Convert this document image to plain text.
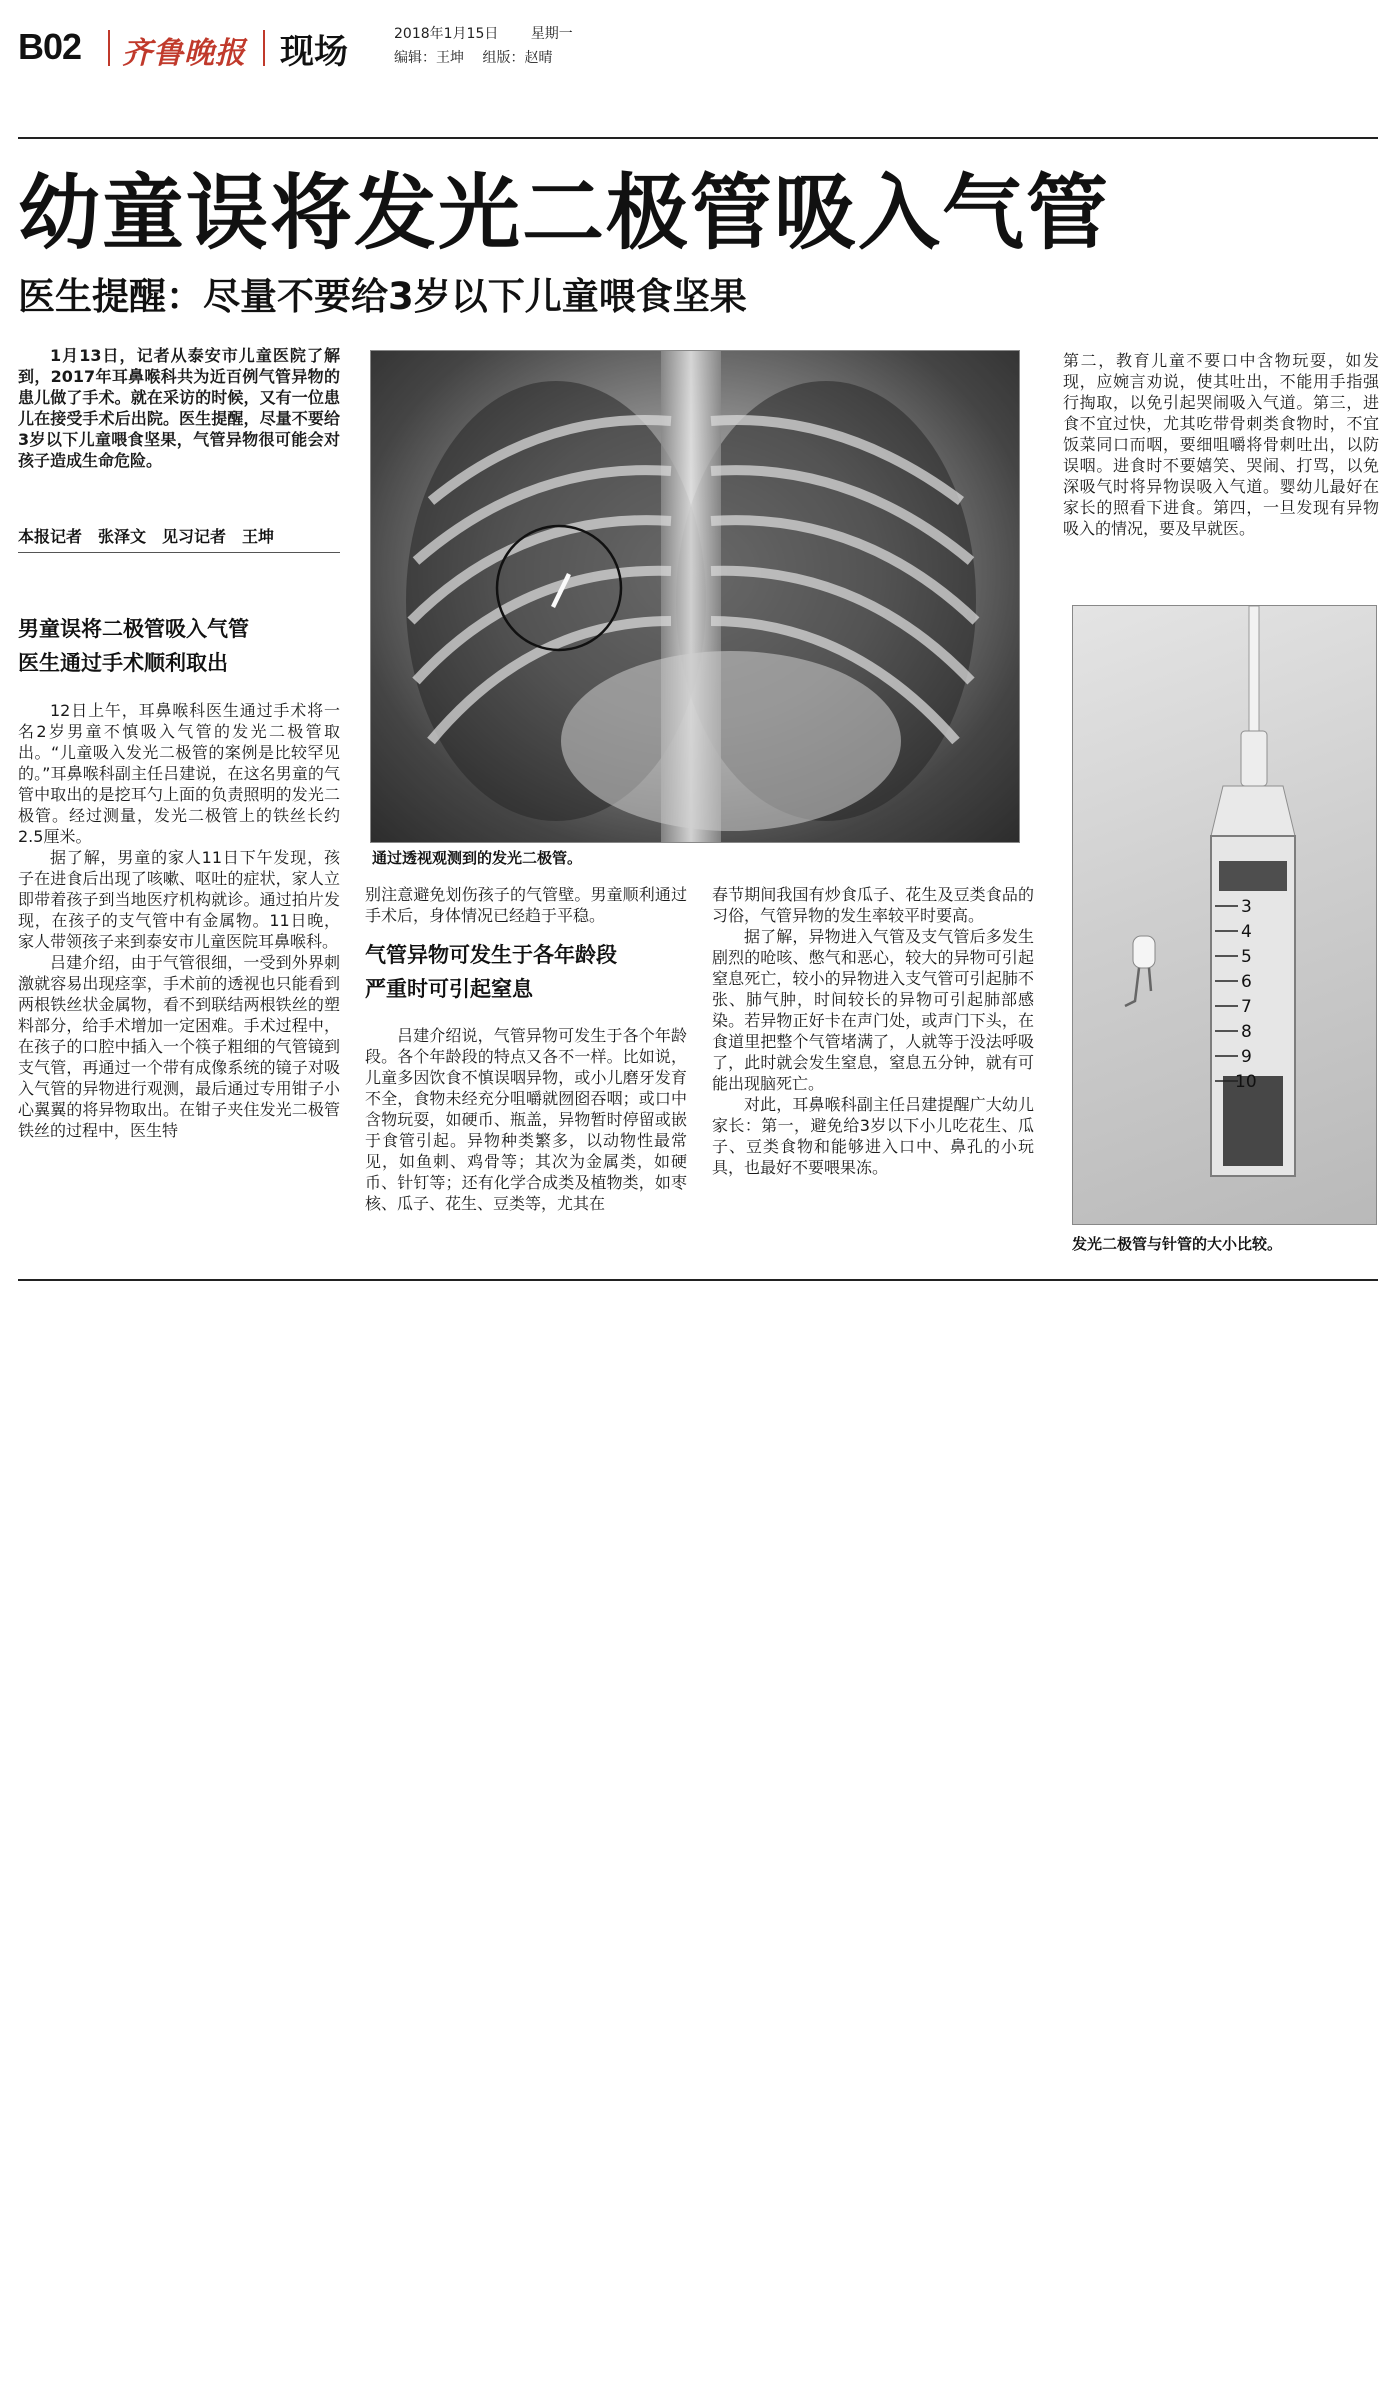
B02 齐鲁晚报 现场	2018年1月15日 星期一
编辑：王坤 组版：赵晴
幼童误将发光二极管吸入气管
医生提醒：尽量不要给3岁以下儿童喂食坚果

1月13日，记者从泰安市儿童医院了解到，2017年耳鼻喉科共为近百例气管异物的患儿做了手术。就在采访的时候，又有一位患儿在接受手术后出院。医生提醒，尽量不要给3岁以下儿童喂食坚果，气管异物很可能会对孩子造成生命危险。

本报记者　张泽文　见习记者　王坤
男童误将二极管吸入气管
医生通过手术顺利取出

12日上午，耳鼻喉科医生通过手术将一名2岁男童不慎吸入气管的发光二极管取出。“儿童吸入发光二极管的案例是比较罕见的。”耳鼻喉科副主任吕建说，在这名男童的气管中取出的是挖耳勺上面的负责照明的发光二极管。经过测量，发光二极管上的铁丝长约2.5厘米。

据了解，男童的家人11日下午发现，孩子在进食后出现了咳嗽、呕吐的症状，家人立即带着孩子到当地医疗机构就诊。通过拍片发现，在孩子的支气管中有金属物。11日晚，家人带领孩子来到泰安市儿童医院耳鼻喉科。

吕建介绍，由于气管很细，一受到外界刺激就容易出现痉挛，手术前的透视也只能看到两根铁丝状金属物，看不到联结两根铁丝的塑料部分，给手术增加一定困难。手术过程中，在孩子的口腔中插入一个筷子粗细的气管镜到支气管，再通过一个带有成像系统的镜子对吸入气管的异物进行观测，最后通过专用钳子小心翼翼的将异物取出。在钳子夹住发光二极管铁丝的过程中，医生特

通过透视观测到的发光二极管。

别注意避免划伤孩子的气管壁。男童顺利通过手术后，身体情况已经趋于平稳。

气管异物可发生于各年龄段
严重时可引起窒息

吕建介绍说，气管异物可发生于各个年龄段。各个年龄段的特点又各不一样。比如说，儿童多因饮食不慎误咽异物，或小儿磨牙发育不全，食物未经充分咀嚼就囫囵吞咽；或口中含物玩耍，如硬币、瓶盖，异物暂时停留或嵌于食管引起。异物种类繁多，以动物性最常见，如鱼刺、鸡骨等；其次为金属类，如硬币、针钉等；还有化学合成类及植物类，如枣核、瓜子、花生、豆类等，尤其在

春节期间我国有炒食瓜子、花生及豆类食品的习俗，气管异物的发生率较平时要高。

据了解，异物进入气管及支气管后多发生剧烈的呛咳、憋气和恶心，较大的异物可引起窒息死亡，较小的异物进入支气管可引起肺不张、肺气肿，时间较长的异物可引起肺部感染。若异物正好卡在声门处，或声门下头，在食道里把整个气管堵满了，人就等于没法呼吸了，此时就会发生窒息，窒息五分钟，就有可能出现脑死亡。

对此，耳鼻喉科副主任吕建提醒广大幼儿家长：第一，避免给3岁以下小儿吃花生、瓜子、豆类食物和能够进入口中、鼻孔的小玩具，也最好不要喂果冻。

第二，教育儿童不要口中含物玩耍，如发现，应婉言劝说，使其吐出，不能用手指强行掏取，以免引起哭闹吸入气道。第三，进食不宜过快，尤其吃带骨刺类食物时，不宜饭菜同口而咽，要细咀嚼将骨刺吐出，以防误咽。进食时不要嬉笑、哭闹、打骂，以免深吸气时将异物误吸入气道。婴幼儿最好在家长的照看下进食。第四，一旦发现有异物吸入的情况，要及早就医。

3
4
5
6
7
8
9
10
发光二极管与针管的大小比较。
